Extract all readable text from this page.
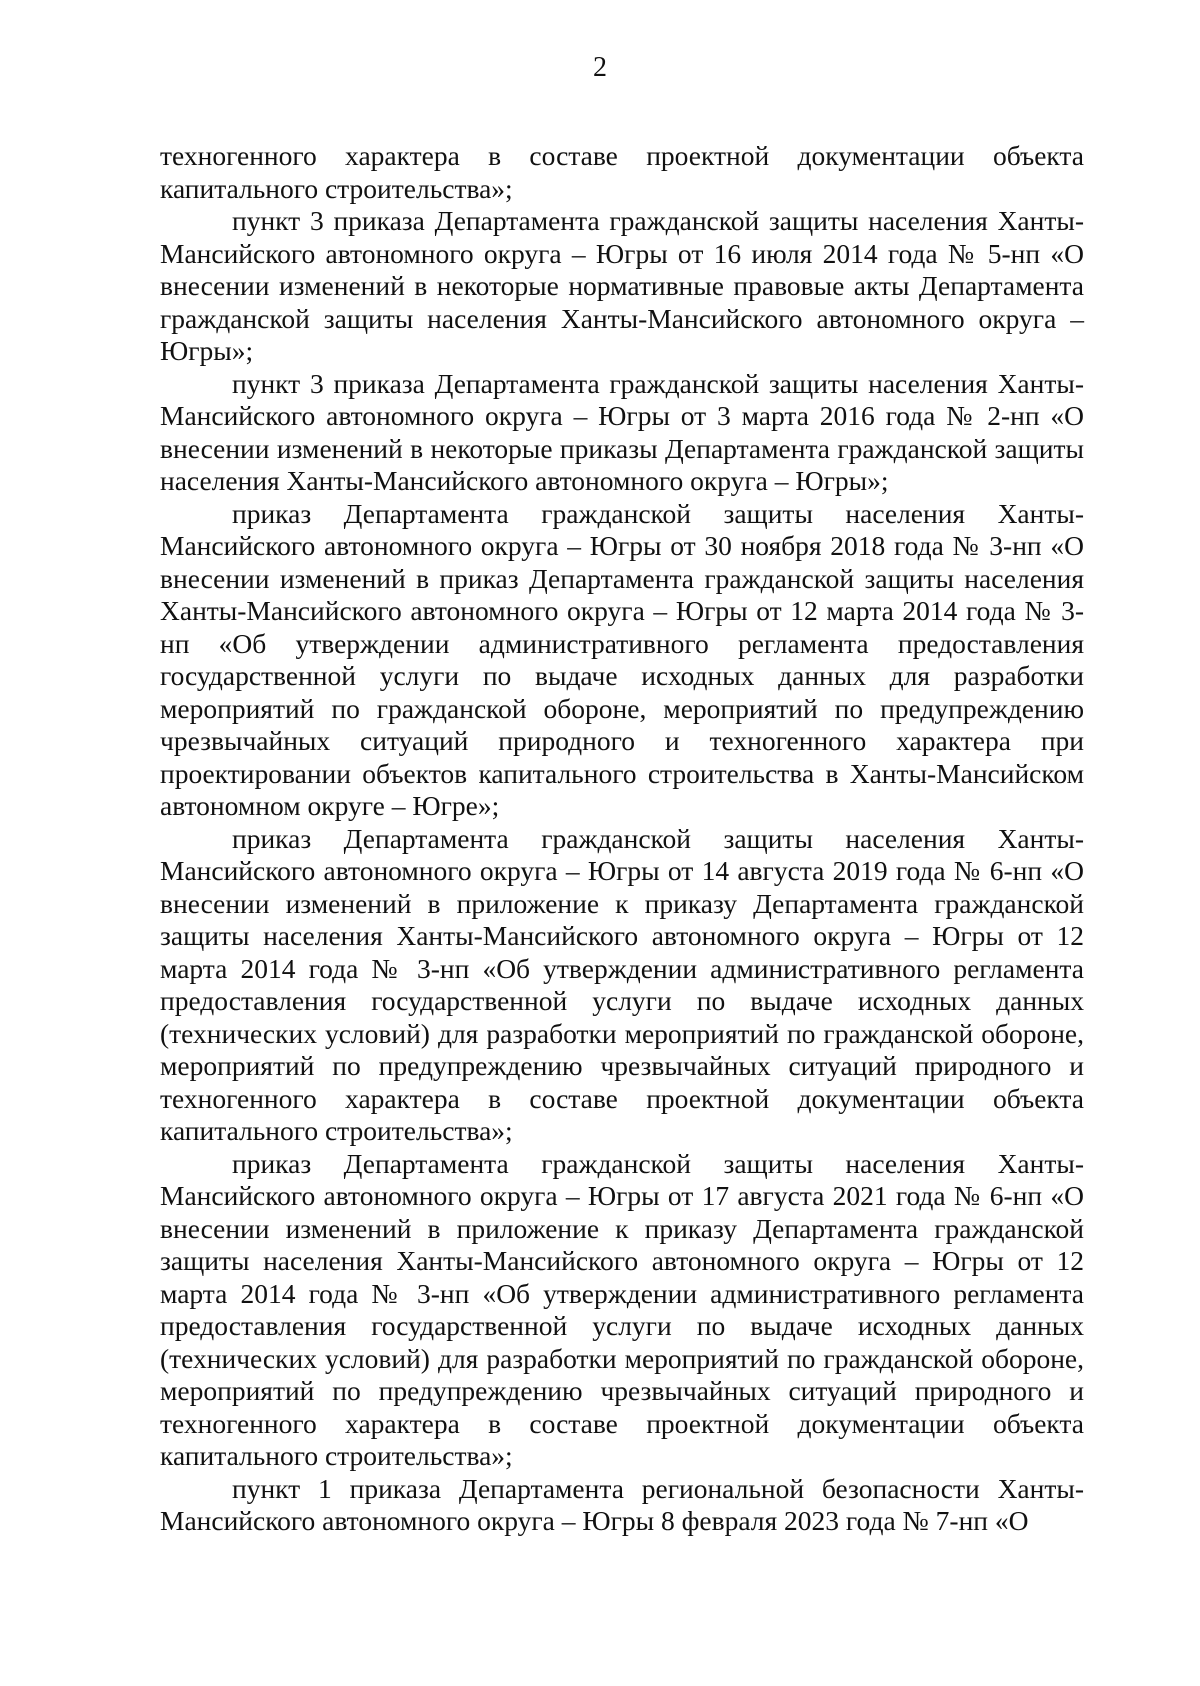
2

техногенного характера в составе проектной документации объекта капитального строительства»;

пункт 3 приказа Департамента гражданской защиты населения Ханты-Мансийского автономного округа – Югры от 16 июля 2014 года № 5-нп «О внесении изменений в некоторые нормативные правовые акты Департамента гражданской защиты населения Ханты-Мансийского автономного округа – Югры»;

пункт 3 приказа Департамента гражданской защиты населения Ханты-Мансийского автономного округа – Югры от 3 марта 2016 года № 2-нп «О внесении изменений в некоторые приказы Департамента гражданской защиты населения Ханты-Мансийского автономного округа – Югры»;

приказ Департамента гражданской защиты населения Ханты-Мансийского автономного округа – Югры от 30 ноября 2018 года № 3-нп «О внесении изменений в приказ Департамента гражданской защиты населения Ханты-Мансийского автономного округа – Югры от 12 марта 2014 года № 3-нп «Об утверждении административного регламента предоставления государственной услуги по выдаче исходных данных для разработки мероприятий по гражданской обороне, мероприятий по предупреждению чрезвычайных ситуаций природного и техногенного характера при проектировании объектов капитального строительства в Ханты-Мансийском автономном округе – Югре»;

приказ Департамента гражданской защиты населения Ханты-Мансийского автономного округа – Югры от 14 августа 2019 года № 6-нп «О внесении изменений в приложение к приказу Департамента гражданской защиты населения Ханты-Мансийского автономного округа – Югры от 12 марта 2014 года № 3-нп «Об утверждении административного регламента предоставления государственной услуги по выдаче исходных данных (технических условий) для разработки мероприятий по гражданской обороне, мероприятий по предупреждению чрезвычайных ситуаций природного и техногенного характера в составе проектной документации объекта капитального строительства»;

приказ Департамента гражданской защиты населения Ханты-Мансийского автономного округа – Югры от 17 августа 2021 года № 6-нп «О внесении изменений в приложение к приказу Департамента гражданской защиты населения Ханты-Мансийского автономного округа – Югры от 12 марта 2014 года № 3-нп «Об утверждении административного регламента предоставления государственной услуги по выдаче исходных данных (технических условий) для разработки мероприятий по гражданской обороне, мероприятий по предупреждению чрезвычайных ситуаций природного и техногенного характера в составе проектной документации объекта капитального строительства»;

пункт 1 приказа Департамента региональной безопасности Ханты-Мансийского автономного округа – Югры 8 февраля 2023 года № 7-нп «О
